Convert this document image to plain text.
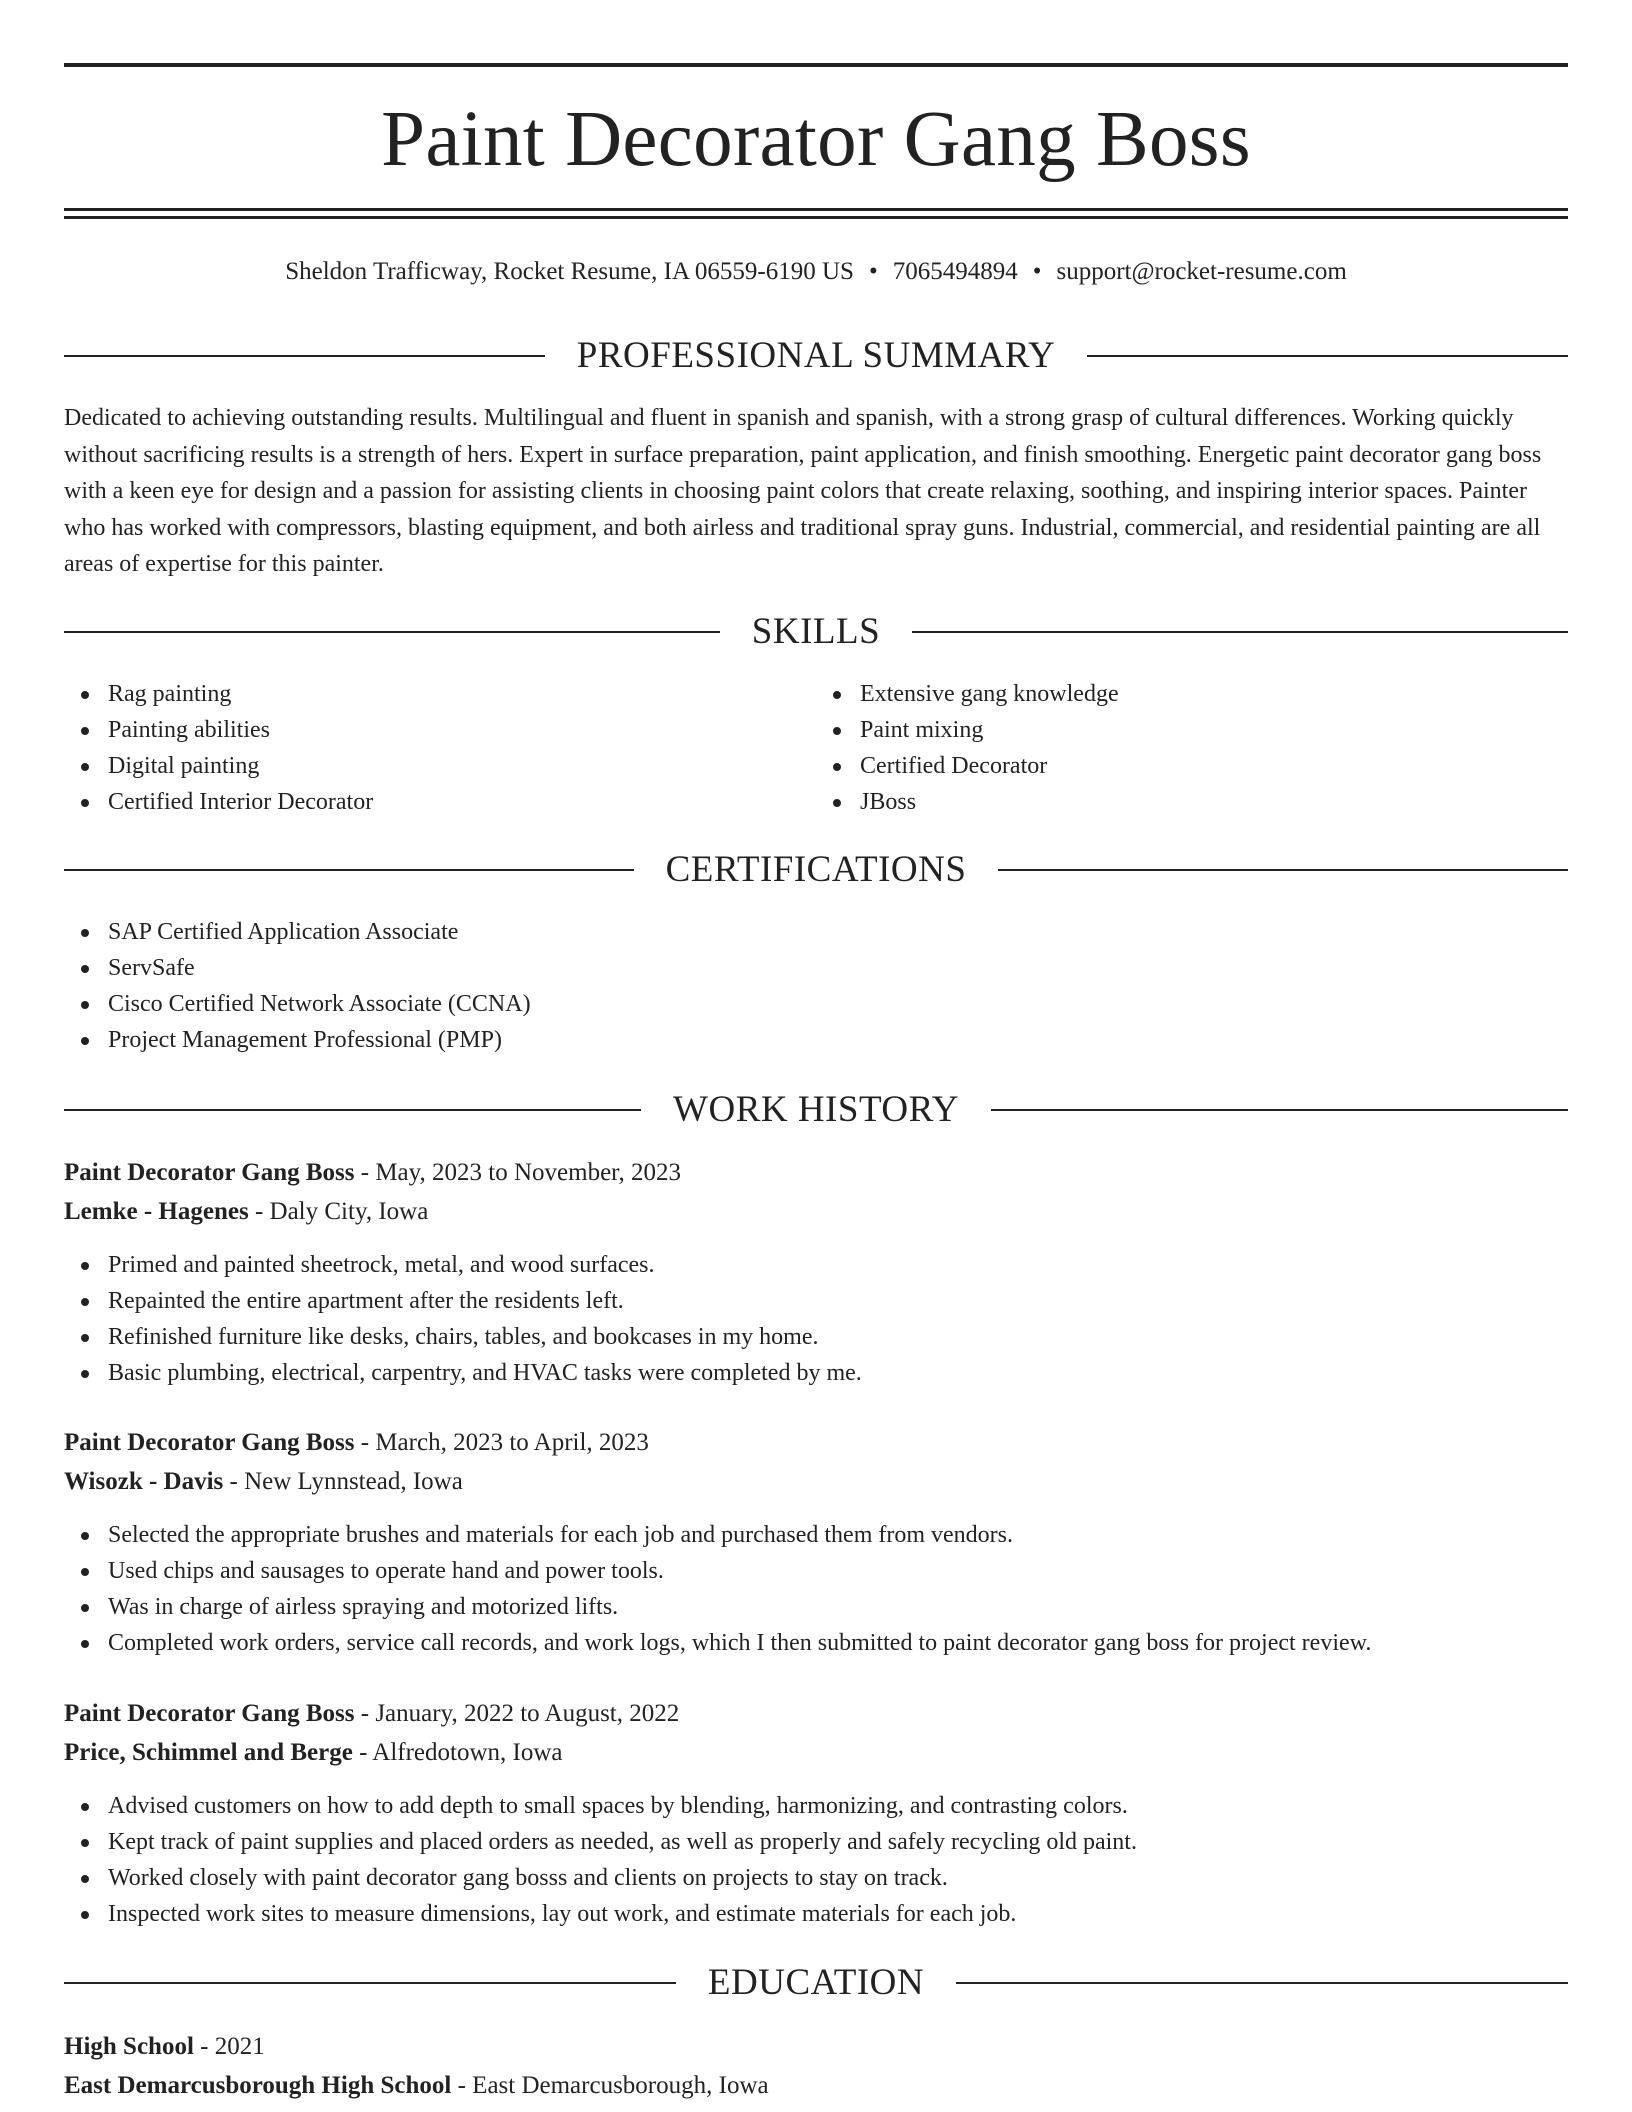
Paint Decorator Gang Boss
Sheldon Trafficway, Rocket Resume, IA 06559-6190 US • 7065494894 • support@rocket-resume.com
PROFESSIONAL SUMMARY

Dedicated to achieving outstanding results. Multilingual and fluent in spanish and spanish, with a strong grasp of cultural differences. Working quickly without sacrificing results is a strength of hers. Expert in surface preparation, paint application, and finish smoothing. Energetic paint decorator gang boss with a keen eye for design and a passion for assisting clients in choosing paint colors that create relaxing, soothing, and inspiring interior spaces. Painter who has worked with compressors, blasting equipment, and both airless and traditional spray guns. Industrial, commercial, and residential painting are all areas of expertise for this painter.

SKILLS
Rag painting
Painting abilities
Digital painting
Certified Interior Decorator
Extensive gang knowledge
Paint mixing
Certified Decorator
JBoss
CERTIFICATIONS
SAP Certified Application Associate
ServSafe
Cisco Certified Network Associate (CCNA)
Project Management Professional (PMP)
WORK HISTORY
Paint Decorator Gang Boss - May, 2023 to November, 2023
Lemke - Hagenes - Daly City, Iowa
Primed and painted sheetrock, metal, and wood surfaces.
Repainted the entire apartment after the residents left.
Refinished furniture like desks, chairs, tables, and bookcases in my home.
Basic plumbing, electrical, carpentry, and HVAC tasks were completed by me.
Paint Decorator Gang Boss - March, 2023 to April, 2023
Wisozk - Davis - New Lynnstead, Iowa
Selected the appropriate brushes and materials for each job and purchased them from vendors.
Used chips and sausages to operate hand and power tools.
Was in charge of airless spraying and motorized lifts.
Completed work orders, service call records, and work logs, which I then submitted to paint decorator gang boss for project review.
Paint Decorator Gang Boss - January, 2022 to August, 2022
Price, Schimmel and Berge - Alfredotown, Iowa
Advised customers on how to add depth to small spaces by blending, harmonizing, and contrasting colors.
Kept track of paint supplies and placed orders as needed, as well as properly and safely recycling old paint.
Worked closely with paint decorator gang bosss and clients on projects to stay on track.
Inspected work sites to measure dimensions, lay out work, and estimate materials for each job.
EDUCATION
High School - 2021
East Demarcusborough High School - East Demarcusborough, Iowa
